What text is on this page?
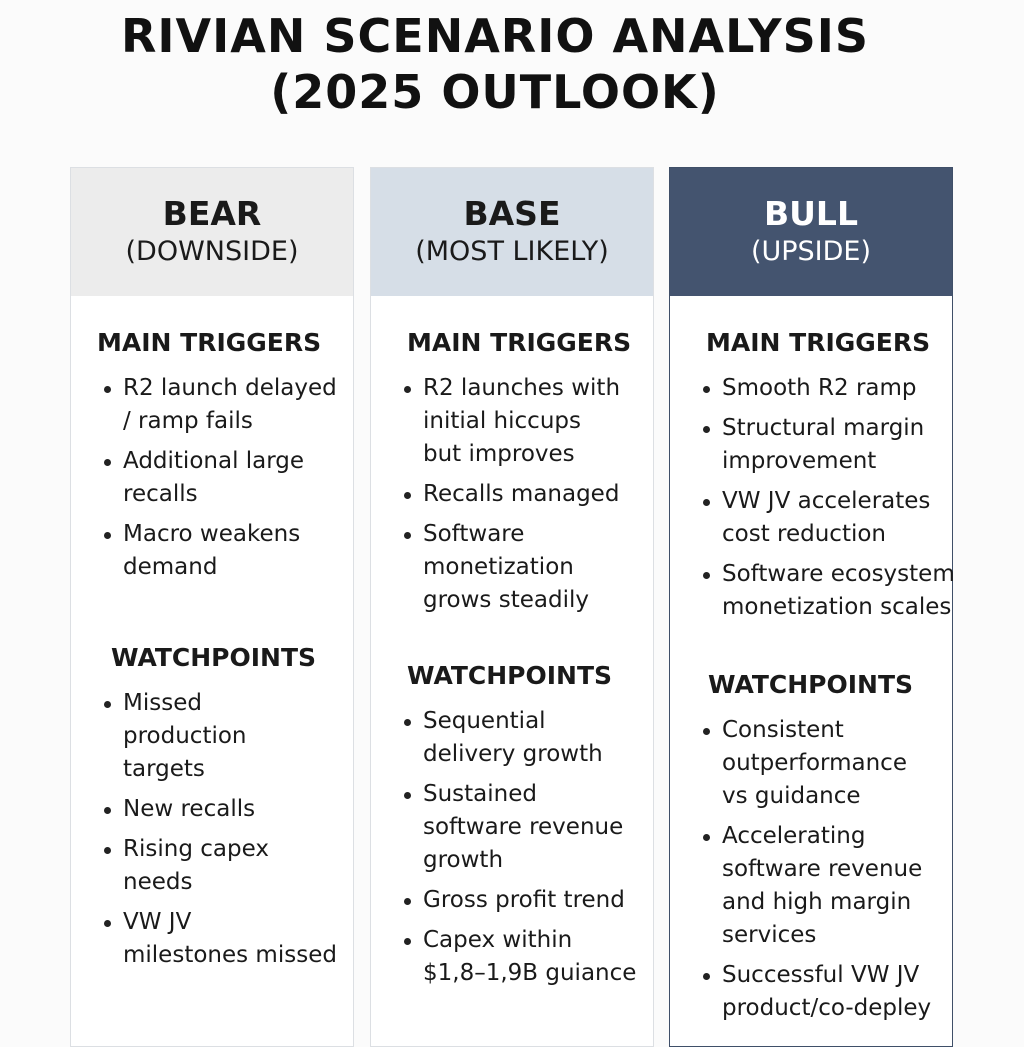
RIVIAN SCENARIO ANALYSIS
(2025 OUTLOOK)
BEAR
(DOWNSIDE)
MAIN TRIGGERS
R2 launch delayed
/ ramp fails
Additional large
recalls
Macro weakens
demand
WATCHPOINTS
Missed
production
targets
New recalls
Rising capex
needs
VW JV
milestones missed
BASE
(MOST LIKELY)
MAIN TRIGGERS
R2 launches with
initial hiccups
but improves
Recalls managed
Software
monetization
grows steadily
WATCHPOINTS
Sequential
delivery growth
Sustained
software revenue
growth
Gross profit trend
Capex within
$1,8–1,9B guiance
BULL
(UPSIDE)
MAIN TRIGGERS
Smooth R2 ramp
Structural margin
improvement
VW JV accelerates
cost reduction
Software ecosystem
monetization scales
WATCHPOINTS
Consistent
outperformance
vs guidance
Accelerating
software revenue
and high margin
services
Successful VW JV
product/co-depley
